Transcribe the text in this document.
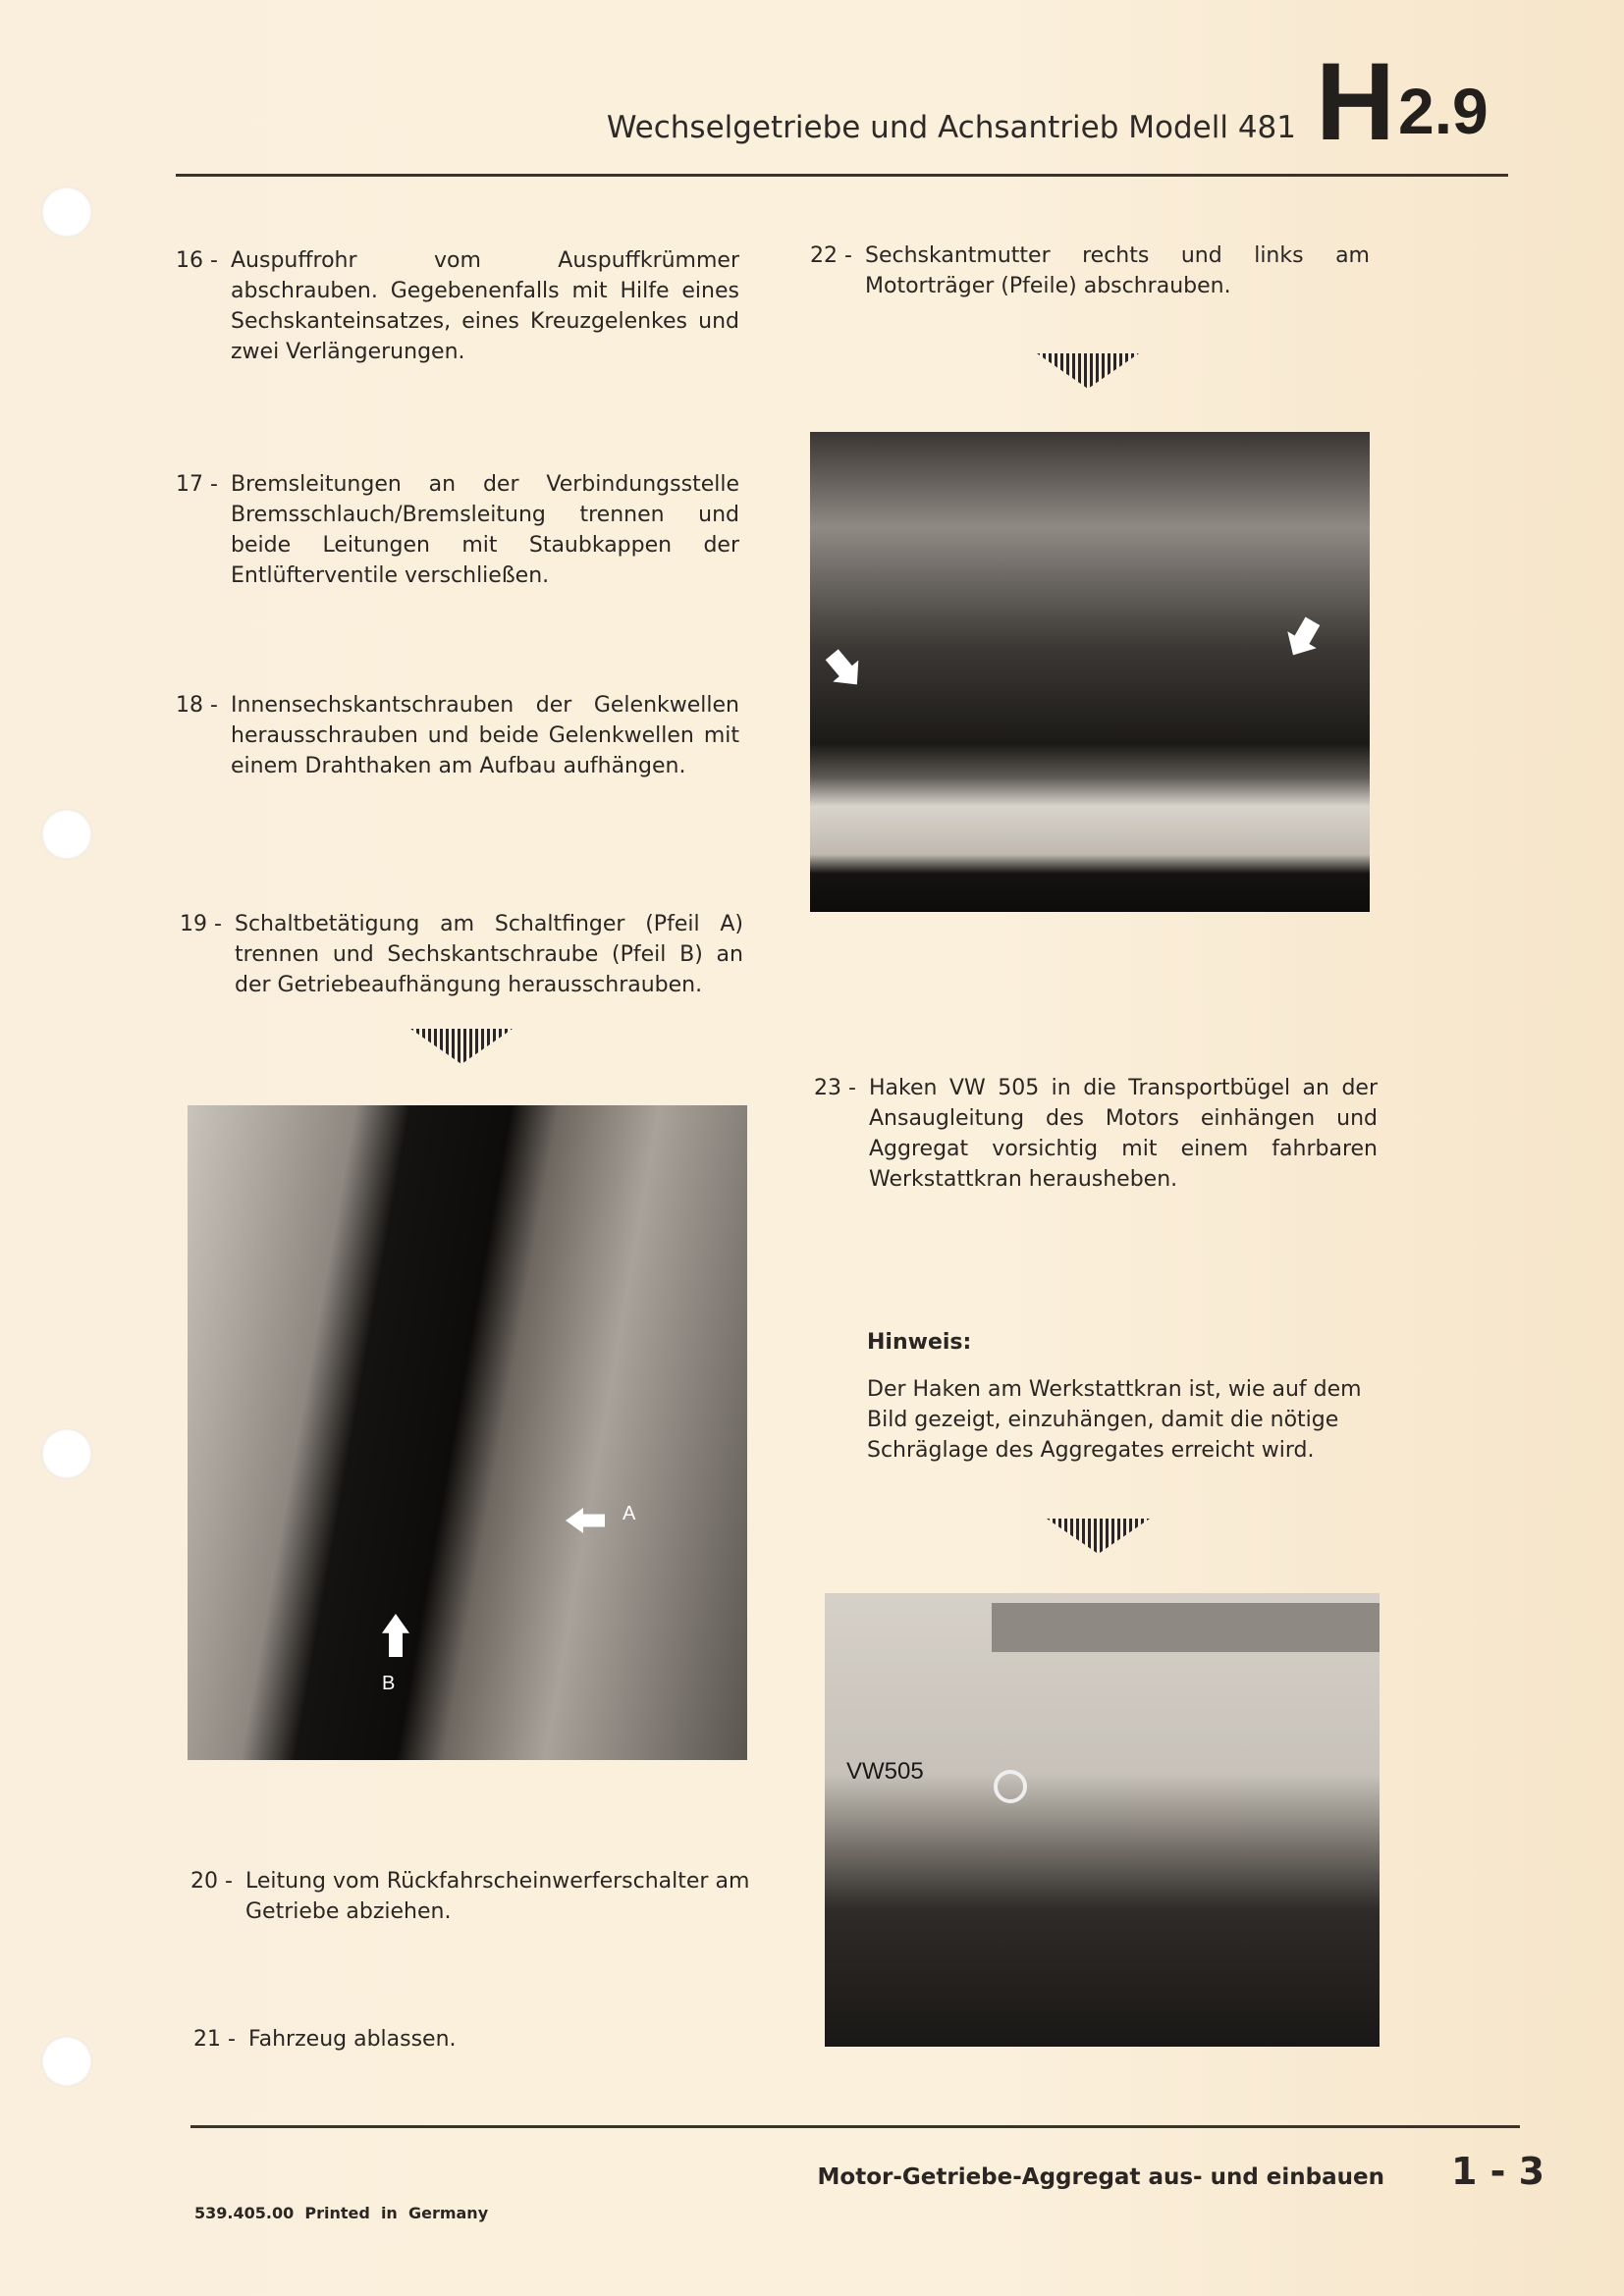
Wechselgetriebe und Achsantrieb Modell 481 H 2.9
16 - Auspuffrohr vom Auspuffkrümmer abschrauben. Gegebenenfalls mit Hilfe eines Sechskanteinsatzes, eines Kreuzgelenkes und zwei Verlängerungen.
17 - Bremsleitungen an der Verbindungsstelle Bremsschlauch/Bremsleitung trennen und beide Leitungen mit Staubkappen der Entlüfterventile verschließen.
18 - Innensechskantschrauben der Gelenkwellen herausschrauben und beide Gelenkwellen mit einem Drahthaken am Aufbau aufhängen.
19 - Schaltbetätigung am Schaltfinger (Pfeil A) trennen und Sechskantschraube (Pfeil B) an der Getriebeaufhängung herausschrauben.
A
B
20 - Leitung vom Rückfahrscheinwerferschalter am Getriebe abziehen.
21 - Fahrzeug ablassen.
22 - Sechskantmutter rechts und links am Motorträger (Pfeile) abschrauben.
23 - Haken VW 505 in die Transportbügel an der Ansaugleitung des Motors einhängen und Aggregat vorsichtig mit einem fahrbaren Werkstattkran herausheben.
Hinweis:
Der Haken am Werkstattkran ist, wie auf dem Bild gezeigt, einzuhängen, damit die nötige Schräglage des Aggregates erreicht wird.
VW505
Motor-Getriebe-Aggregat aus- und einbauen 1 - 3
539.405.00  Printed  in  Germany
